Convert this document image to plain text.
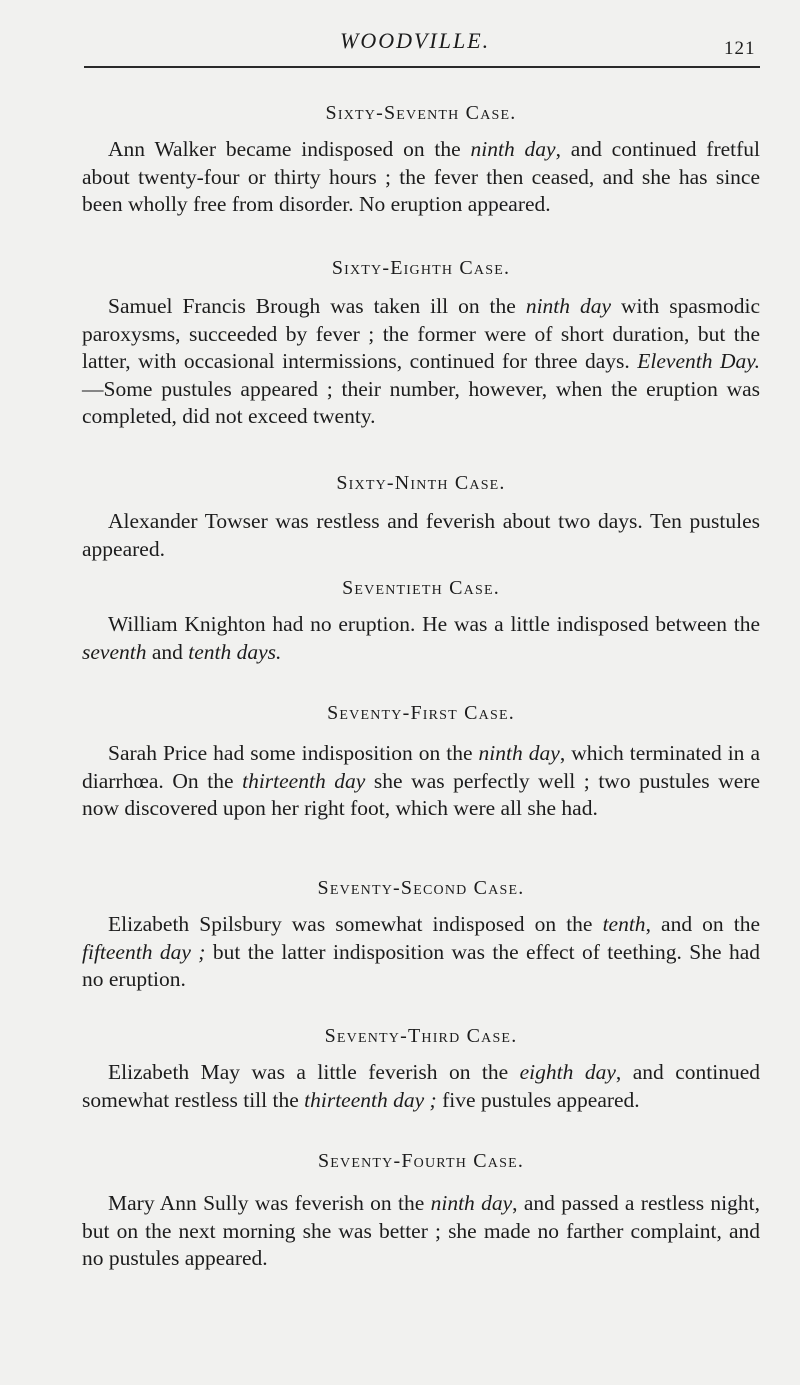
WOODVILLE.	121
Sixty-Seventh Case.

Ann Walker became indisposed on the ninth day, and continued fretful about twenty-four or thirty hours ; the fever then ceased, and she has since been wholly free from disorder. No eruption appeared.

Sixty-Eighth Case.

Samuel Francis Brough was taken ill on the ninth day with spasmodic paroxysms, succeeded by fever ; the former were of short duration, but the latter, with occasional intermissions, continued for three days. Eleventh Day.—Some pustules appeared ; their number, however, when the eruption was completed, did not exceed twenty.

Sixty-Ninth Case.

Alexander Towser was restless and feverish about two days. Ten pustules appeared.

Seventieth Case.

William Knighton had no eruption. He was a little indisposed between the seventh and tenth days.

Seventy-First Case.

Sarah Price had some indisposition on the ninth day, which terminated in a diarrhœa. On the thirteenth day she was perfectly well ; two pustules were now discovered upon her right foot, which were all she had.

Seventy-Second Case.

Elizabeth Spilsbury was somewhat indisposed on the tenth, and on the fifteenth day ; but the latter indisposition was the effect of teething. She had no eruption.

Seventy-Third Case.

Elizabeth May was a little feverish on the eighth day, and continued somewhat restless till the thirteenth day ; five pustules appeared.

Seventy-Fourth Case.

Mary Ann Sully was feverish on the ninth day, and passed a restless night, but on the next morning she was better ; she made no farther complaint, and no pustules appeared.
